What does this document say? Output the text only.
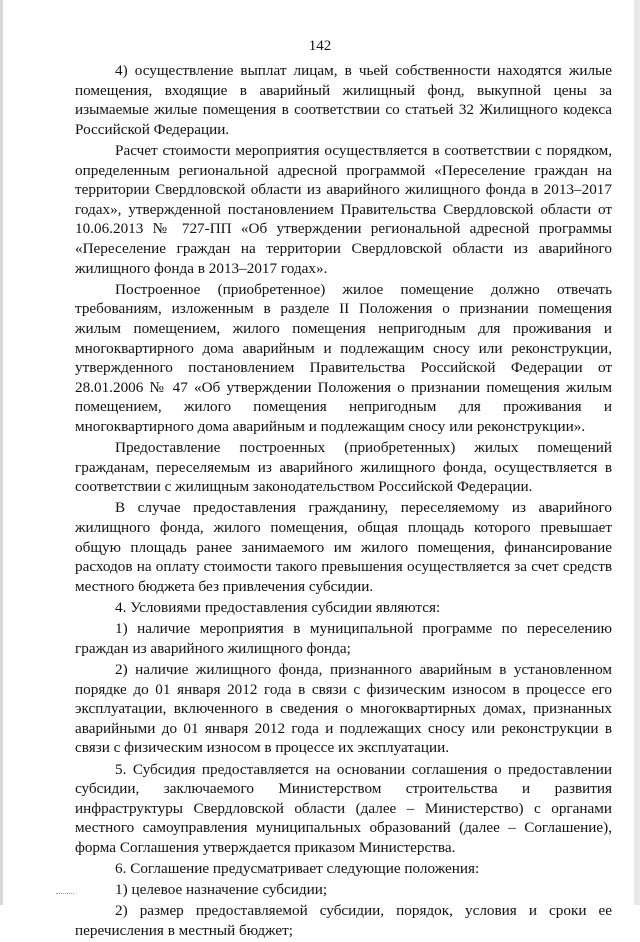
142

4) осуществление выплат лицам, в чьей собственности находятся жилые помещения, входящие в аварийный жилищный фонд, выкупной цены за изымаемые жилые помещения в соответствии со статьей 32 Жилищного кодекса Российской Федерации.

Расчет стоимости мероприятия осуществляется в соответствии с порядком, определенным региональной адресной программой «Переселение граждан на территории Свердловской области из аварийного жилищного фонда в 2013–2017 годах», утвержденной постановлением Правительства Свердловской области от 10.06.2013 № 727-ПП «Об утверждении региональной адресной программы «Переселение граждан на территории Свердловской области из аварийного жилищного фонда в 2013–2017 годах».

Построенное (приобретенное) жилое помещение должно отвечать требованиям, изложенным в разделе II Положения о признании помещения жилым помещением, жилого помещения непригодным для проживания и многоквартирного дома аварийным и подлежащим сносу или реконструкции, утвержденного постановлением Правительства Российской Федерации от 28.01.2006 № 47 «Об утверждении Положения о признании помещения жилым помещением, жилого помещения непригодным для проживания и многоквартирного дома аварийным и подлежащим сносу или реконструкции».

Предоставление построенных (приобретенных) жилых помещений гражданам, переселяемым из аварийного жилищного фонда, осуществляется в соответствии с жилищным законодательством Российской Федерации.

В случае предоставления гражданину, переселяемому из аварийного жилищного фонда, жилого помещения, общая площадь которого превышает общую площадь ранее занимаемого им жилого помещения, финансирование расходов на оплату стоимости такого превышения осуществляется за счет средств местного бюджета без привлечения субсидии.

4. Условиями предоставления субсидии являются:

1) наличие мероприятия в муниципальной программе по переселению граждан из аварийного жилищного фонда;

2) наличие жилищного фонда, признанного аварийным в установленном порядке до 01 января 2012 года в связи с физическим износом в процессе его эксплуатации, включенного в сведения о многоквартирных домах, признанных аварийными до 01 января 2012 года и подлежащих сносу или реконструкции в связи с физическим износом в процессе их эксплуатации.

5. Субсидия предоставляется на основании соглашения о предоставлении субсидии, заключаемого Министерством строительства и развития инфраструктуры Свердловской области (далее – Министерство) с органами местного самоуправления муниципальных образований (далее – Соглашение), форма Соглашения утверждается приказом Министерства.

6. Соглашение предусматривает следующие положения:

1) целевое назначение субсидии;

2) размер предоставляемой субсидии, порядок, условия и сроки ее перечисления в местный бюджет;
